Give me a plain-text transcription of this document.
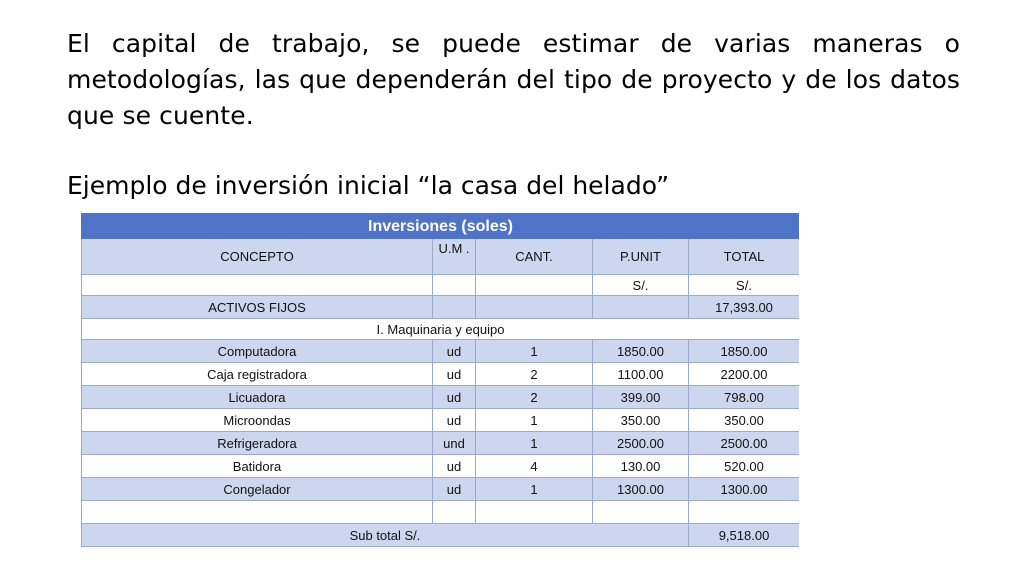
El capital de trabajo, se puede estimar de varias maneras o metodologías, las que dependerán del tipo de proyecto y de los datos que se cuente.

Ejemplo de inversión inicial “la casa del helado”

Inversiones (soles)				
CONCEPTO	U.M .	CANT.	P.UNIT	TOTAL
			S/.	S/.
ACTIVOS FIJOS				17,393.00
I. Maquinaria y equipo				
Computadora	ud	1	1850.00	1850.00
Caja registradora	ud	2	1100.00	2200.00
Licuadora	ud	2	399.00	798.00
Microondas	ud	1	350.00	350.00
Refrigeradora	und	1	2500.00	2500.00
Batidora	ud	4	130.00	520.00
Congelador	ud	1	1300.00	1300.00

Sub total S/.				9,518.00
